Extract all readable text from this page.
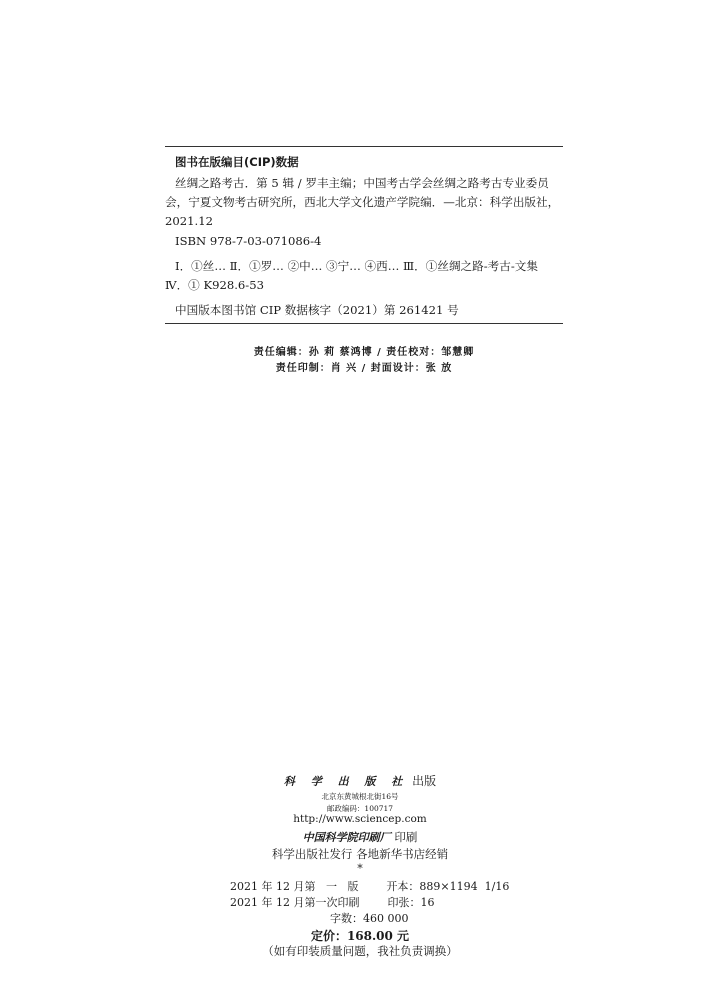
图书在版编目(CIP)数据

丝绸之路考古．第 5 辑 / 罗丰主编；中国考古学会丝绸之路考古专业委员会，宁夏文物考古研究所，西北大学文化遗产学院编．—北京：科学出版社，2021.12

ISBN 978-7-03-071086-4

Ⅰ．①丝… Ⅱ．①罗… ②中… ③宁… ④西… Ⅲ．①丝绸之路-考古-文集 Ⅳ．① K928.6-53

中国版本图书馆 CIP 数据核字（2021）第 261421 号
责任编辑：孙 莉 蔡鸿博 / 责任校对：邹慧卿
责任印制：肖 兴 / 封面设计：张 放
科 学 出 版 社 出版
北京东黄城根北街16号
邮政编码：100717
http://www.sciencep.com
中国科学院印刷厂 印刷
科学出版社发行 各地新华书店经销
*
2021 年 12 月第   一   版        开本：889×1194  1/16
2021 年 12 月第一次印刷        印张：16
字数：460 000
定价：168.00 元
（如有印装质量问题，我社负责调换）
